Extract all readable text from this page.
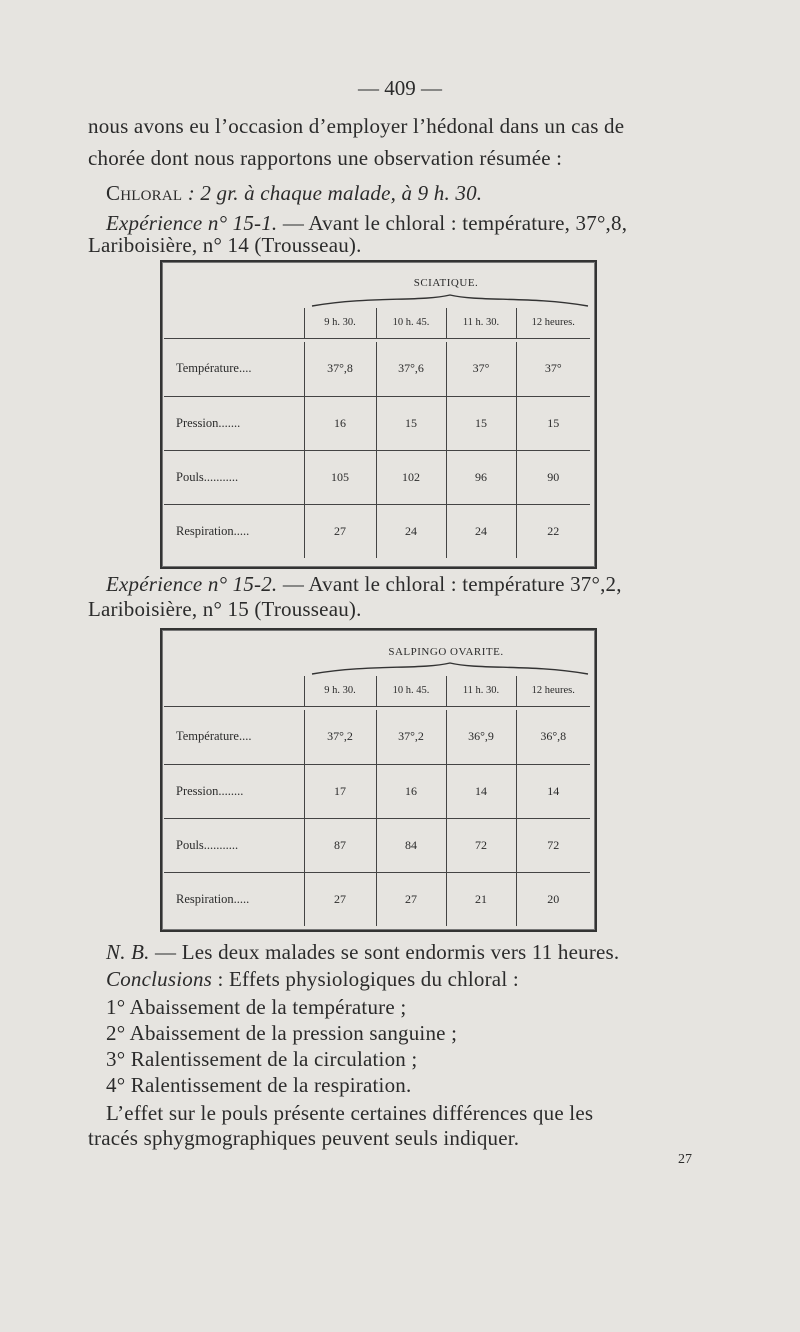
— 409 —
nous avons eu l’occasion d’employer l’hédonal dans un cas de
chorée dont nous rapportons une observation résumée :
Chloral : 2 gr. à chaque malade, à 9 h. 30.
Expérience n° 15-1. — Avant le chloral : température, 37°,8,
Lariboisière, n° 14 (Trousseau).
SCIATIQUE.
	9 h. 30.	10 h. 45.	11 h. 30.	12 heures.

Température....	37°,8	37°,6	37°	37°
Pression.......	16	15	15	15
Pouls...........	105	102	96	90
Respiration.....	27	24	24	22
Expérience n° 15-2. — Avant le chloral : température 37°,2,
Lariboisière, n° 15 (Trousseau).
SALPINGO OVARITE.
	9 h. 30.	10 h. 45.	11 h. 30.	12 heures.

Température....	37°,2	37°,2	36°,9	36°,8
Pression........	17	16	14	14
Pouls...........	87	84	72	72
Respiration.....	27	27	21	20
N. B. — Les deux malades se sont endormis vers 11 heures.
Conclusions : Effets physiologiques du chloral :
1° Abaissement de la température ;
2° Abaissement de la pression sanguine ;
3° Ralentissement de la circulation ;
4° Ralentissement de la respiration.
L’effet sur le pouls présente certaines différences que les
tracés sphygmographiques peuvent seuls indiquer.
27
